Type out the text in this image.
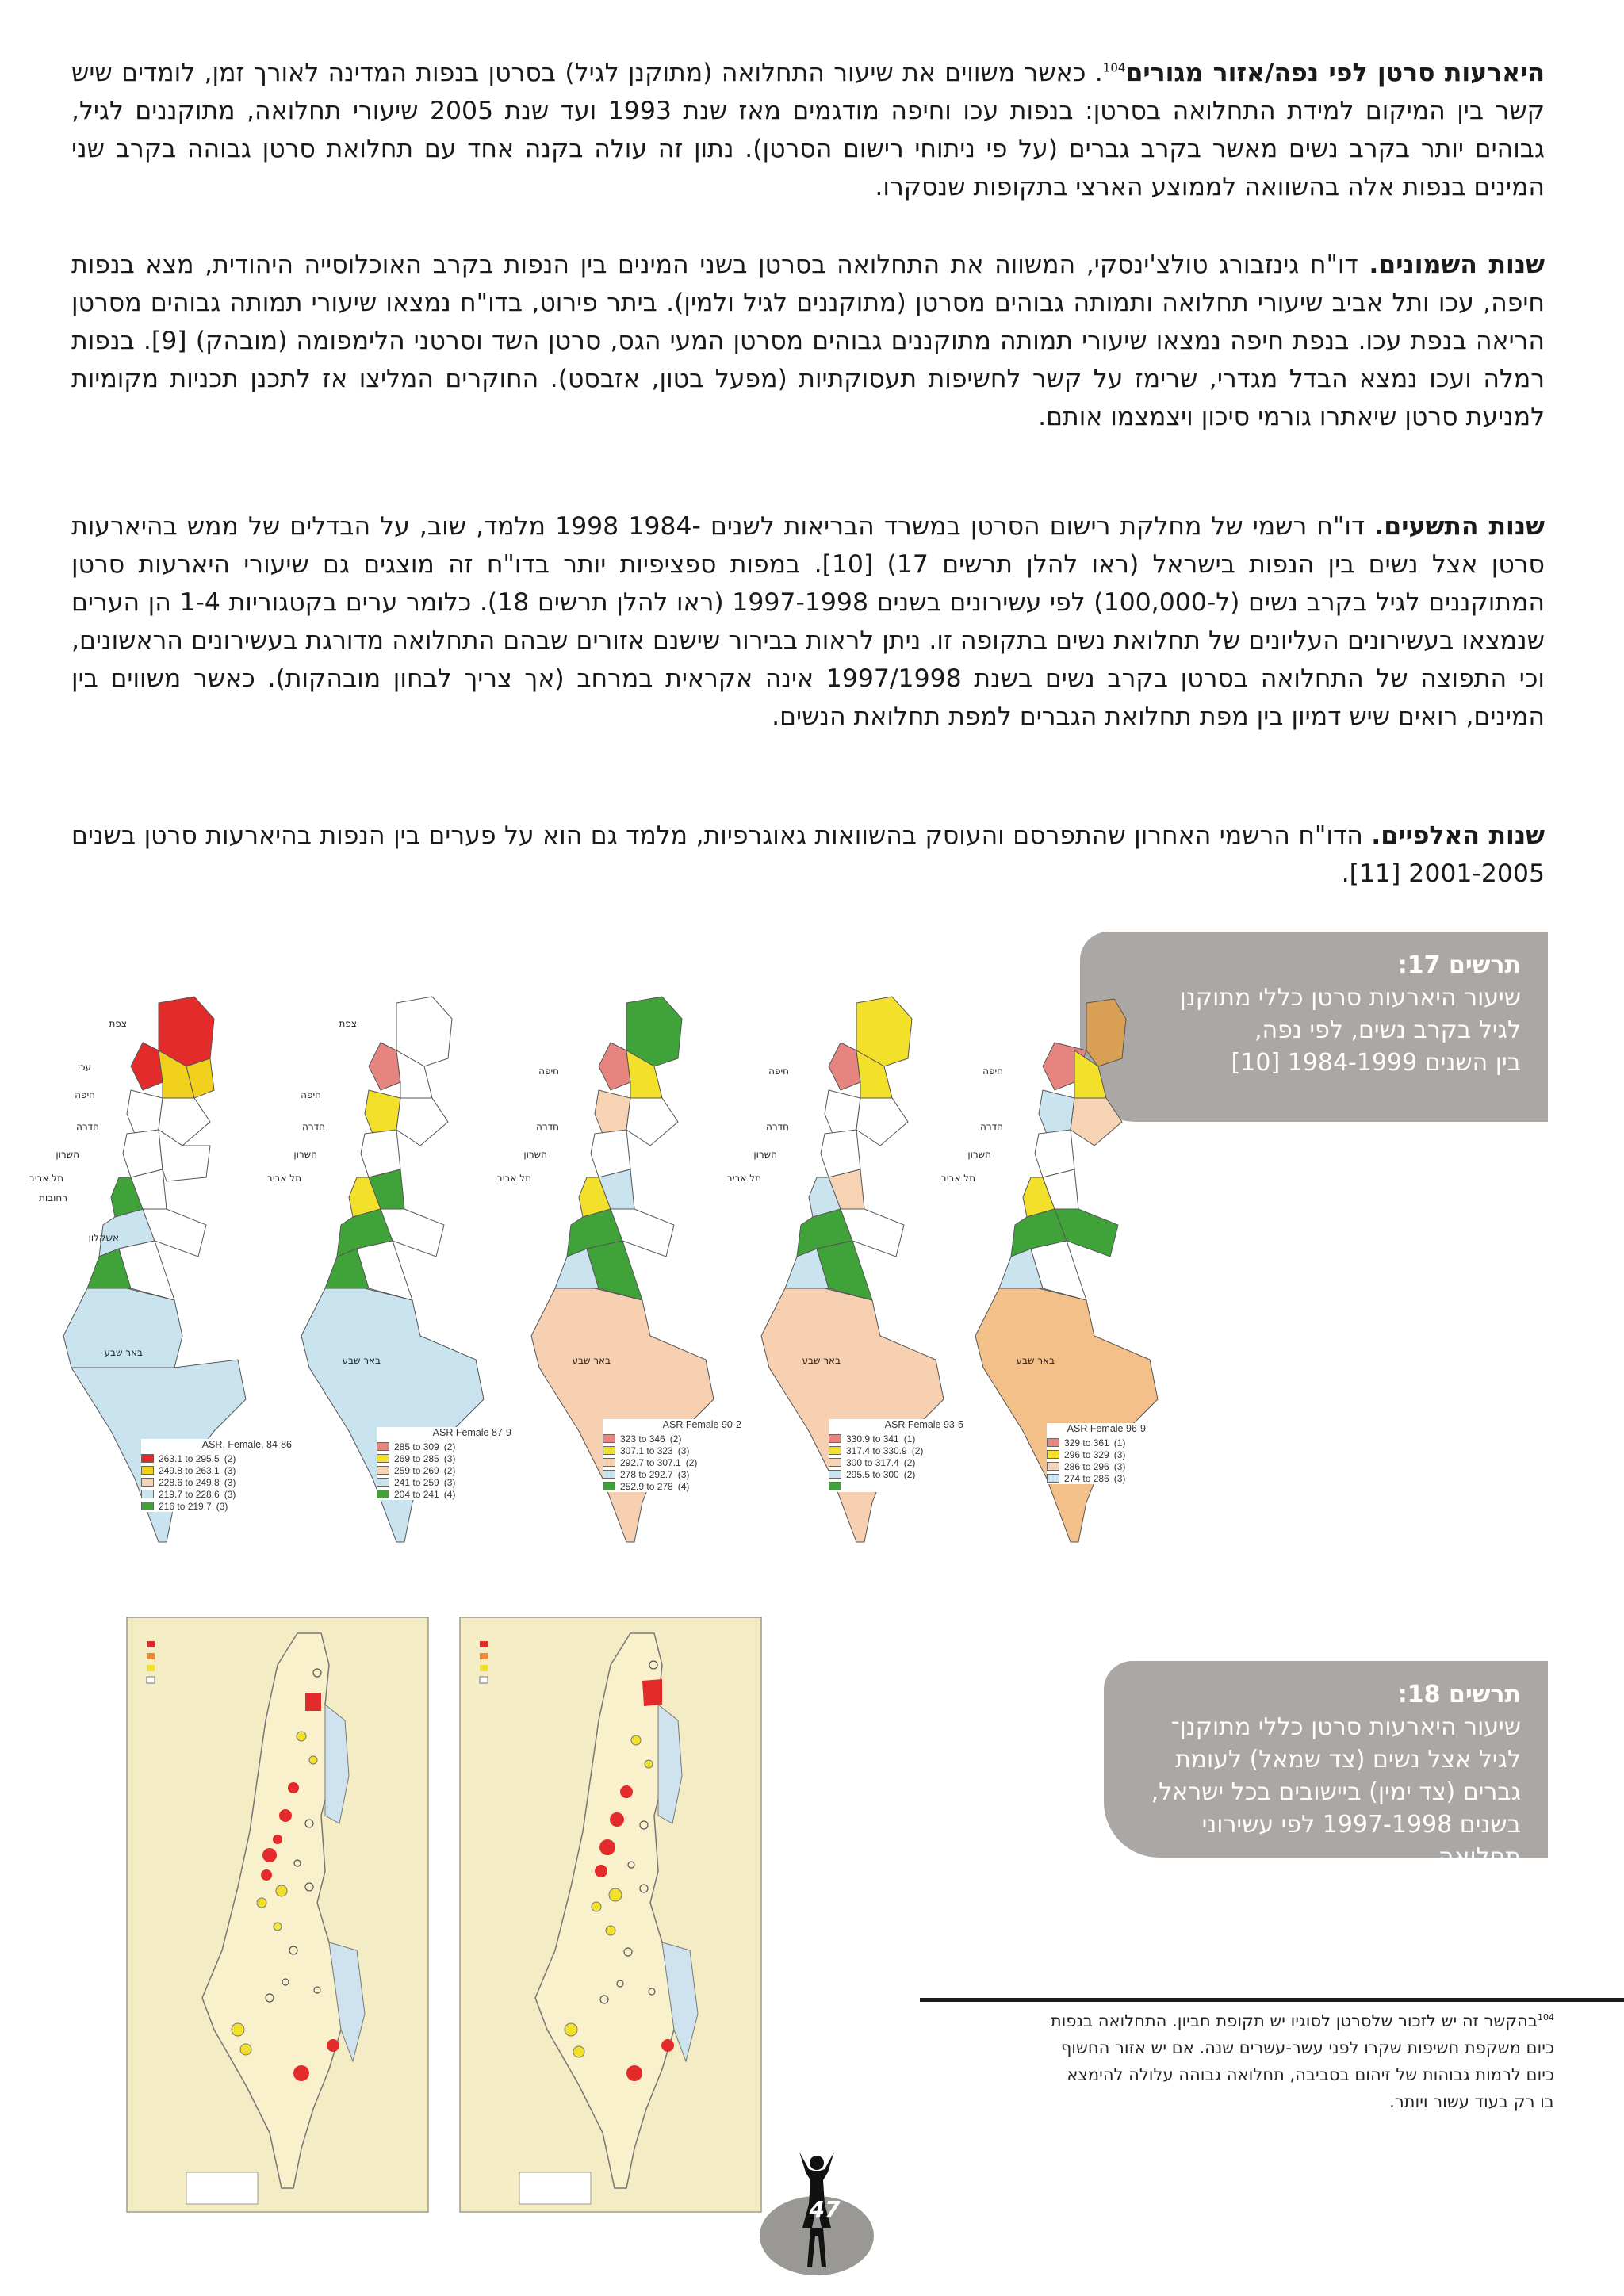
היארעות סרטן לפי נפה/אזור מגורים$^{104}$. כאשר משווים את שיעור התחלואה (מתוקנן לגיל) בסרטן בנפות המדינה לאורך זמן, לומדים שיש קשר בין המיקום למידת התחלואה בסרטן: בנפות עכו וחיפה מודגמים מאז שנת 1993 ועד שנת 2005 שיעורי תחלואה, מתוקננים לגיל, גבוהים יותר בקרב נשים מאשר בקרב גברים (על פי ניתוחי רישום הסרטן). נתון זה עולה בקנה אחד עם תחלואת סרטן גבוהה בקרב שני המינים בנפות אלה בהשוואה לממוצע הארצי בתקופות שנסקרו.
שנות השמונים. דו"ח גינזבורג טולצ'ינסקי, המשווה את התחלואה בסרטן בשני המינים בין הנפות בקרב האוכלוסייה היהודית, מצא בנפות חיפה, עכו ותל אביב שיעורי תחלואה ותמותה גבוהים מסרטן (מתוקננים לגיל ולמין). ביתר פירוט, בדו"ח נמצאו שיעורי תמותה גבוהים מסרטן הריאה בנפת עכו. בנפת חיפה נמצאו שיעורי תמותה מתוקננים גבוהים מסרטן המעי הגס, סרטן השד וסרטני הלימפומה (מובהק) [9]. בנפות רמלה ועכו נמצא הבדל מגדרי, שרימז על קשר לחשיפות תעסוקתיות (מפעל בטון, אזבסט). החוקרים המליצו אז לתכנן תכניות מקומיות למניעת סרטן שיאתרו גורמי סיכון ויצמצמו אותם.
שנות התשעים. דו"ח רשמי של מחלקת רישום הסרטן במשרד הבריאות לשנים -1984 1998 מלמד, שוב, על הבדלים של ממש בהיארעות סרטן אצל נשים בין הנפות בישראל (ראו להלן תרשים 17) [10]. במפות ספציפיות יותר בדו"ח זה מוצגים גם שיעורי היארעות סרטן המתוקננים לגיל בקרב נשים (ל-100,000) לפי עשירונים בשנים 1997-1998 (ראו להלן תרשים 18). כלומר ערים בקטגוריות 1-4 הן הערים שנמצאו בעשירונים העליונים של תחלואת נשים בתקופה זו. ניתן לראות בבירור שישנם אזורים שבהם התחלואה מדורגת בעשירונים הראשונים, וכי התפוצה של התחלואה בסרטן בקרב נשים בשנת 1997/1998 אינה אקראית במרחב (אך צריך לבחון מובהקות). כאשר משווים בין המינים, רואים שיש דמיון בין מפת תחלואת הגברים למפת תחלואת הנשים.
שנות האלפיים. הדו"ח הרשמי האחרון שהתפרסם והעוסק בהשוואות גאוגרפיות, מלמד גם הוא על פערים בין הנפות בהיארעות סרטן בשנים 2001-2005 [11].
תרשים 17:
שיעור היארעות סרטן כללי מתוקנן
לגיל בקרב נשים, לפי נפה,
בין השנים 1984-1999 [10]
צפת
עכו
חיפה
חדרה
השרון
תל אביב
רחובות
אשקלון
באר שבע
צפת
חיפה
חדרה
השרון
תל אביב
באר שבע
חיפה
חדרה
השרון
תל אביב
באר שבע
חיפה
חדרה
השרון
תל אביב
באר שבע
חיפה
חדרה
השרון
תל אביב
באר שבע
ASR, Female, 84-86
263.1 to 295.5 (2)
249.8 to 263.1 (3)
228.6 to 249.8 (3)
219.7 to 228.6 (3)
216 to 219.7 (3)
ASR Female 87-9
285 to 309 (2)
269 to 285 (3)
259 to 269 (2)
241 to 259 (3)
204 to 241 (4)
ASR Female 90-2
323 to 346 (2)
307.1 to 323 (3)
292.7 to 307.1 (2)
278 to 292.7 (3)
252.9 to 278 (4)
ASR Female 93-5
330.9 to 341 (1)
317.4 to 330.9 (2)
300 to 317.4 (2)
295.5 to 300 (2)
ASR Female 96-9
329 to 361 (1)
296 to 329 (3)
286 to 296 (3)
274 to 286 (3)
תרשים 18:
שיעור היארעות סרטן כללי מתוקנן־
לגיל אצל נשים (צד שמאל) לעומת
גברים (צד ימין) ביישובים בכל ישראל,
בשנים 1997-1998 לפי עשירוני תחלואה
$^{104}$בהקשר זה יש לזכור שלסרטן לסוגיו יש תקופת חביון. התחלואה בנפות
כיום משקפת חשיפות שקרו לפני עשר-עשרים שנה. אם יש אזור החשוף
כיום לרמות גבוהות של זיהום בסביבה, תחלואה גבוהה עלולה להימצא
בו רק בעוד עשור ויותר.
47
